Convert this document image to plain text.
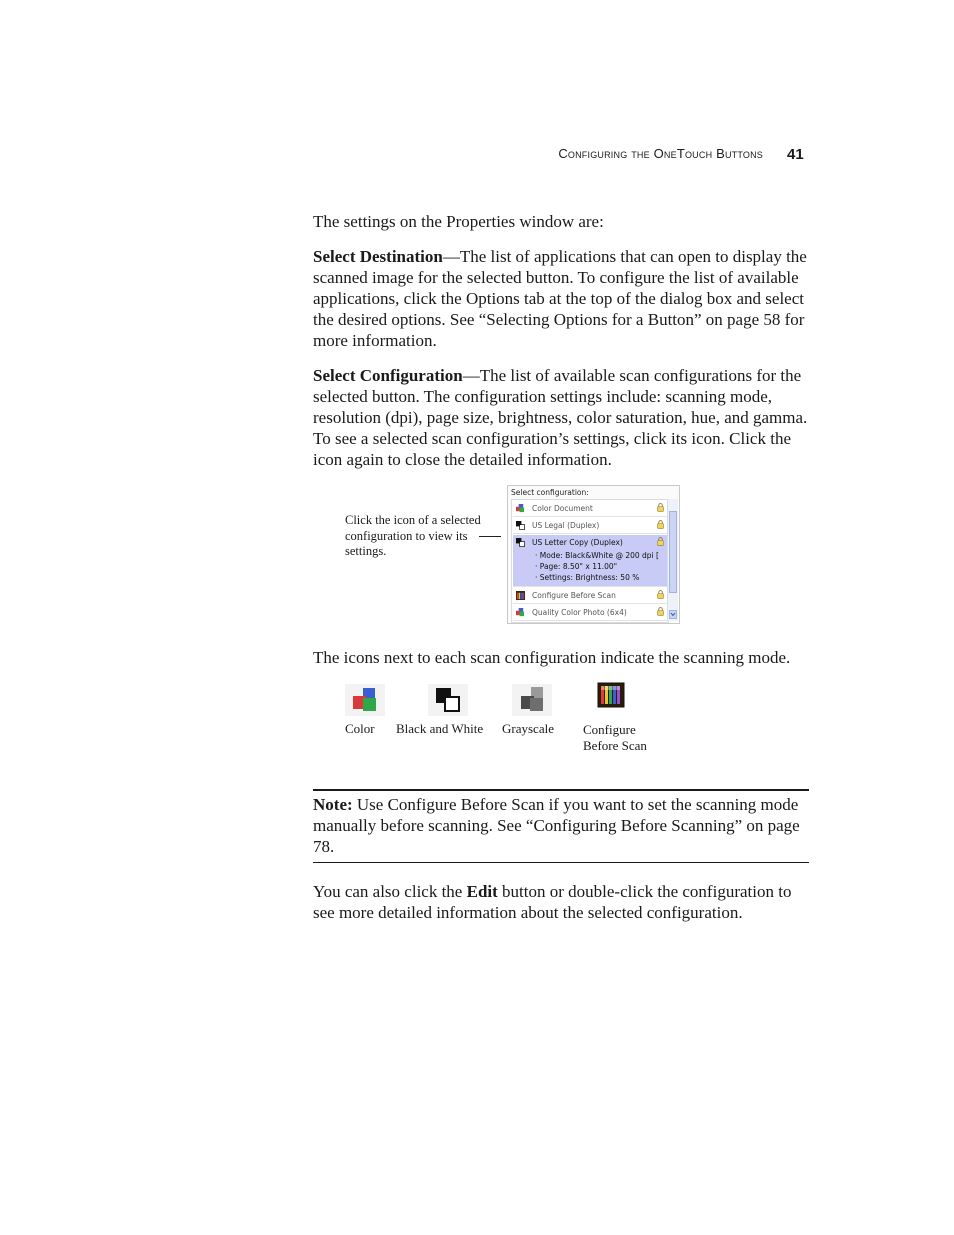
Configuring the OneTouch Buttons 41

The settings on the Properties window are:

Select Destination—The list of applications that can open to display the scanned image for the selected button. To configure the list of available applications, click the Options tab at the top of the dialog box and select the desired options. See “Selecting Options for a Button” on page 58 for more information.

Select Configuration—The list of available scan configurations for the selected button. The configuration settings include: scanning mode, resolution (dpi), page size, brightness, color saturation, hue, and gamma. To see a selected scan configuration’s settings, click its icon. Click the icon again to close the detailed information.

Click the icon of a selected configuration to view its settings.
Select configuration:
Color Document
US Legal (Duplex)
US Letter Copy (Duplex)
· Mode: Black&White @ 200 dpi [
· Page: 8.50" x 11.00"
· Settings: Brightness: 50 %
Configure Before Scan
Quality Color Photo (6x4)

The icons next to each scan configuration indicate the scanning mode.

Color Black and White Grayscale Configure
Before Scan

Note: Use Configure Before Scan if you want to set the scanning mode manually before scanning. See “Configuring Before Scanning” on page 78.

You can also click the Edit button or double-click the configuration to see more detailed information about the selected configuration.
